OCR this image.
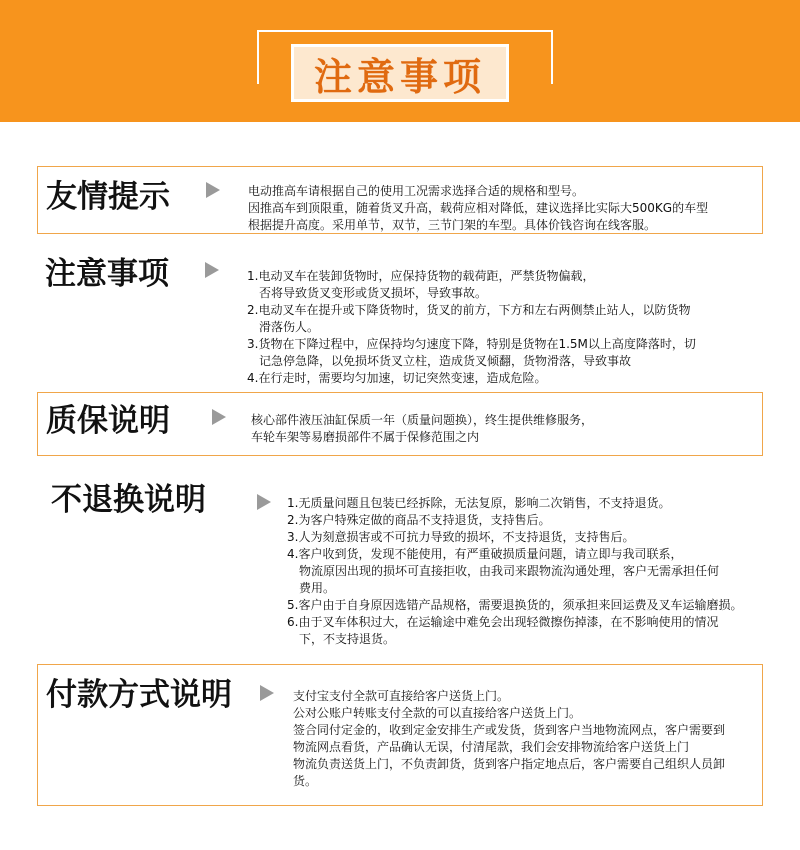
注意事项
友情提示	电动推高车请根据自己的使用工况需求选择合适的规格和型号。
因推高车到顶限重，随着货叉升高，载荷应相对降低，建议选择比实际大500KG的车型
根据提升高度。采用单节，双节，三节门架的车型。具体价钱咨询在线客服。
注意事项	1.电动叉车在装卸货物时，应保持货物的载荷距，严禁货物偏载，
否将导致货叉变形或货叉损坏，导致事故。
2.电动叉车在提升或下降货物时，货叉的前方，下方和左右两侧禁止站人，以防货物
滑落伤人。
3.货物在下降过程中，应保持均匀速度下降，特别是货物在1.5M以上高度降落时，切
记急停急降，以免损坏货叉立柱，造成货叉倾翻，货物滑落，导致事故
4.在行走时，需要均匀加速，切记突然变速，造成危险。
质保说明	核心部件液压油缸保质一年（质量问题换），终生提供维修服务，
车轮车架等易磨损部件不属于保修范围之内
不退换说明	1.无质量问题且包装已经拆除，无法复原，影响二次销售，不支持退货。
2.为客户特殊定做的商品不支持退货，支持售后。
3.人为刻意损害或不可抗力导致的损坏，不支持退货，支持售后。
4.客户收到货，发现不能使用，有严重破损质量问题，请立即与我司联系，
物流原因出现的损坏可直接拒收，由我司来跟物流沟通处理，客户无需承担任何
费用。
5.客户由于自身原因选错产品规格，需要退换货的，须承担来回运费及叉车运输磨损。
6.由于叉车体积过大，在运输途中难免会出现轻微擦伤掉漆，在不影响使用的情况
下，不支持退货。
付款方式说明	支付宝支付全款可直接给客户送货上门。
公对公账户转账支付全款的可以直接给客户送货上门。
签合同付定金的，收到定金安排生产或发货，货到客户当地物流网点，客户需要到
物流网点看货，产品确认无误，付清尾款，我们会安排物流给客户送货上门
物流负责送货上门，不负责卸货，货到客户指定地点后，客户需要自己组织人员卸
货。
